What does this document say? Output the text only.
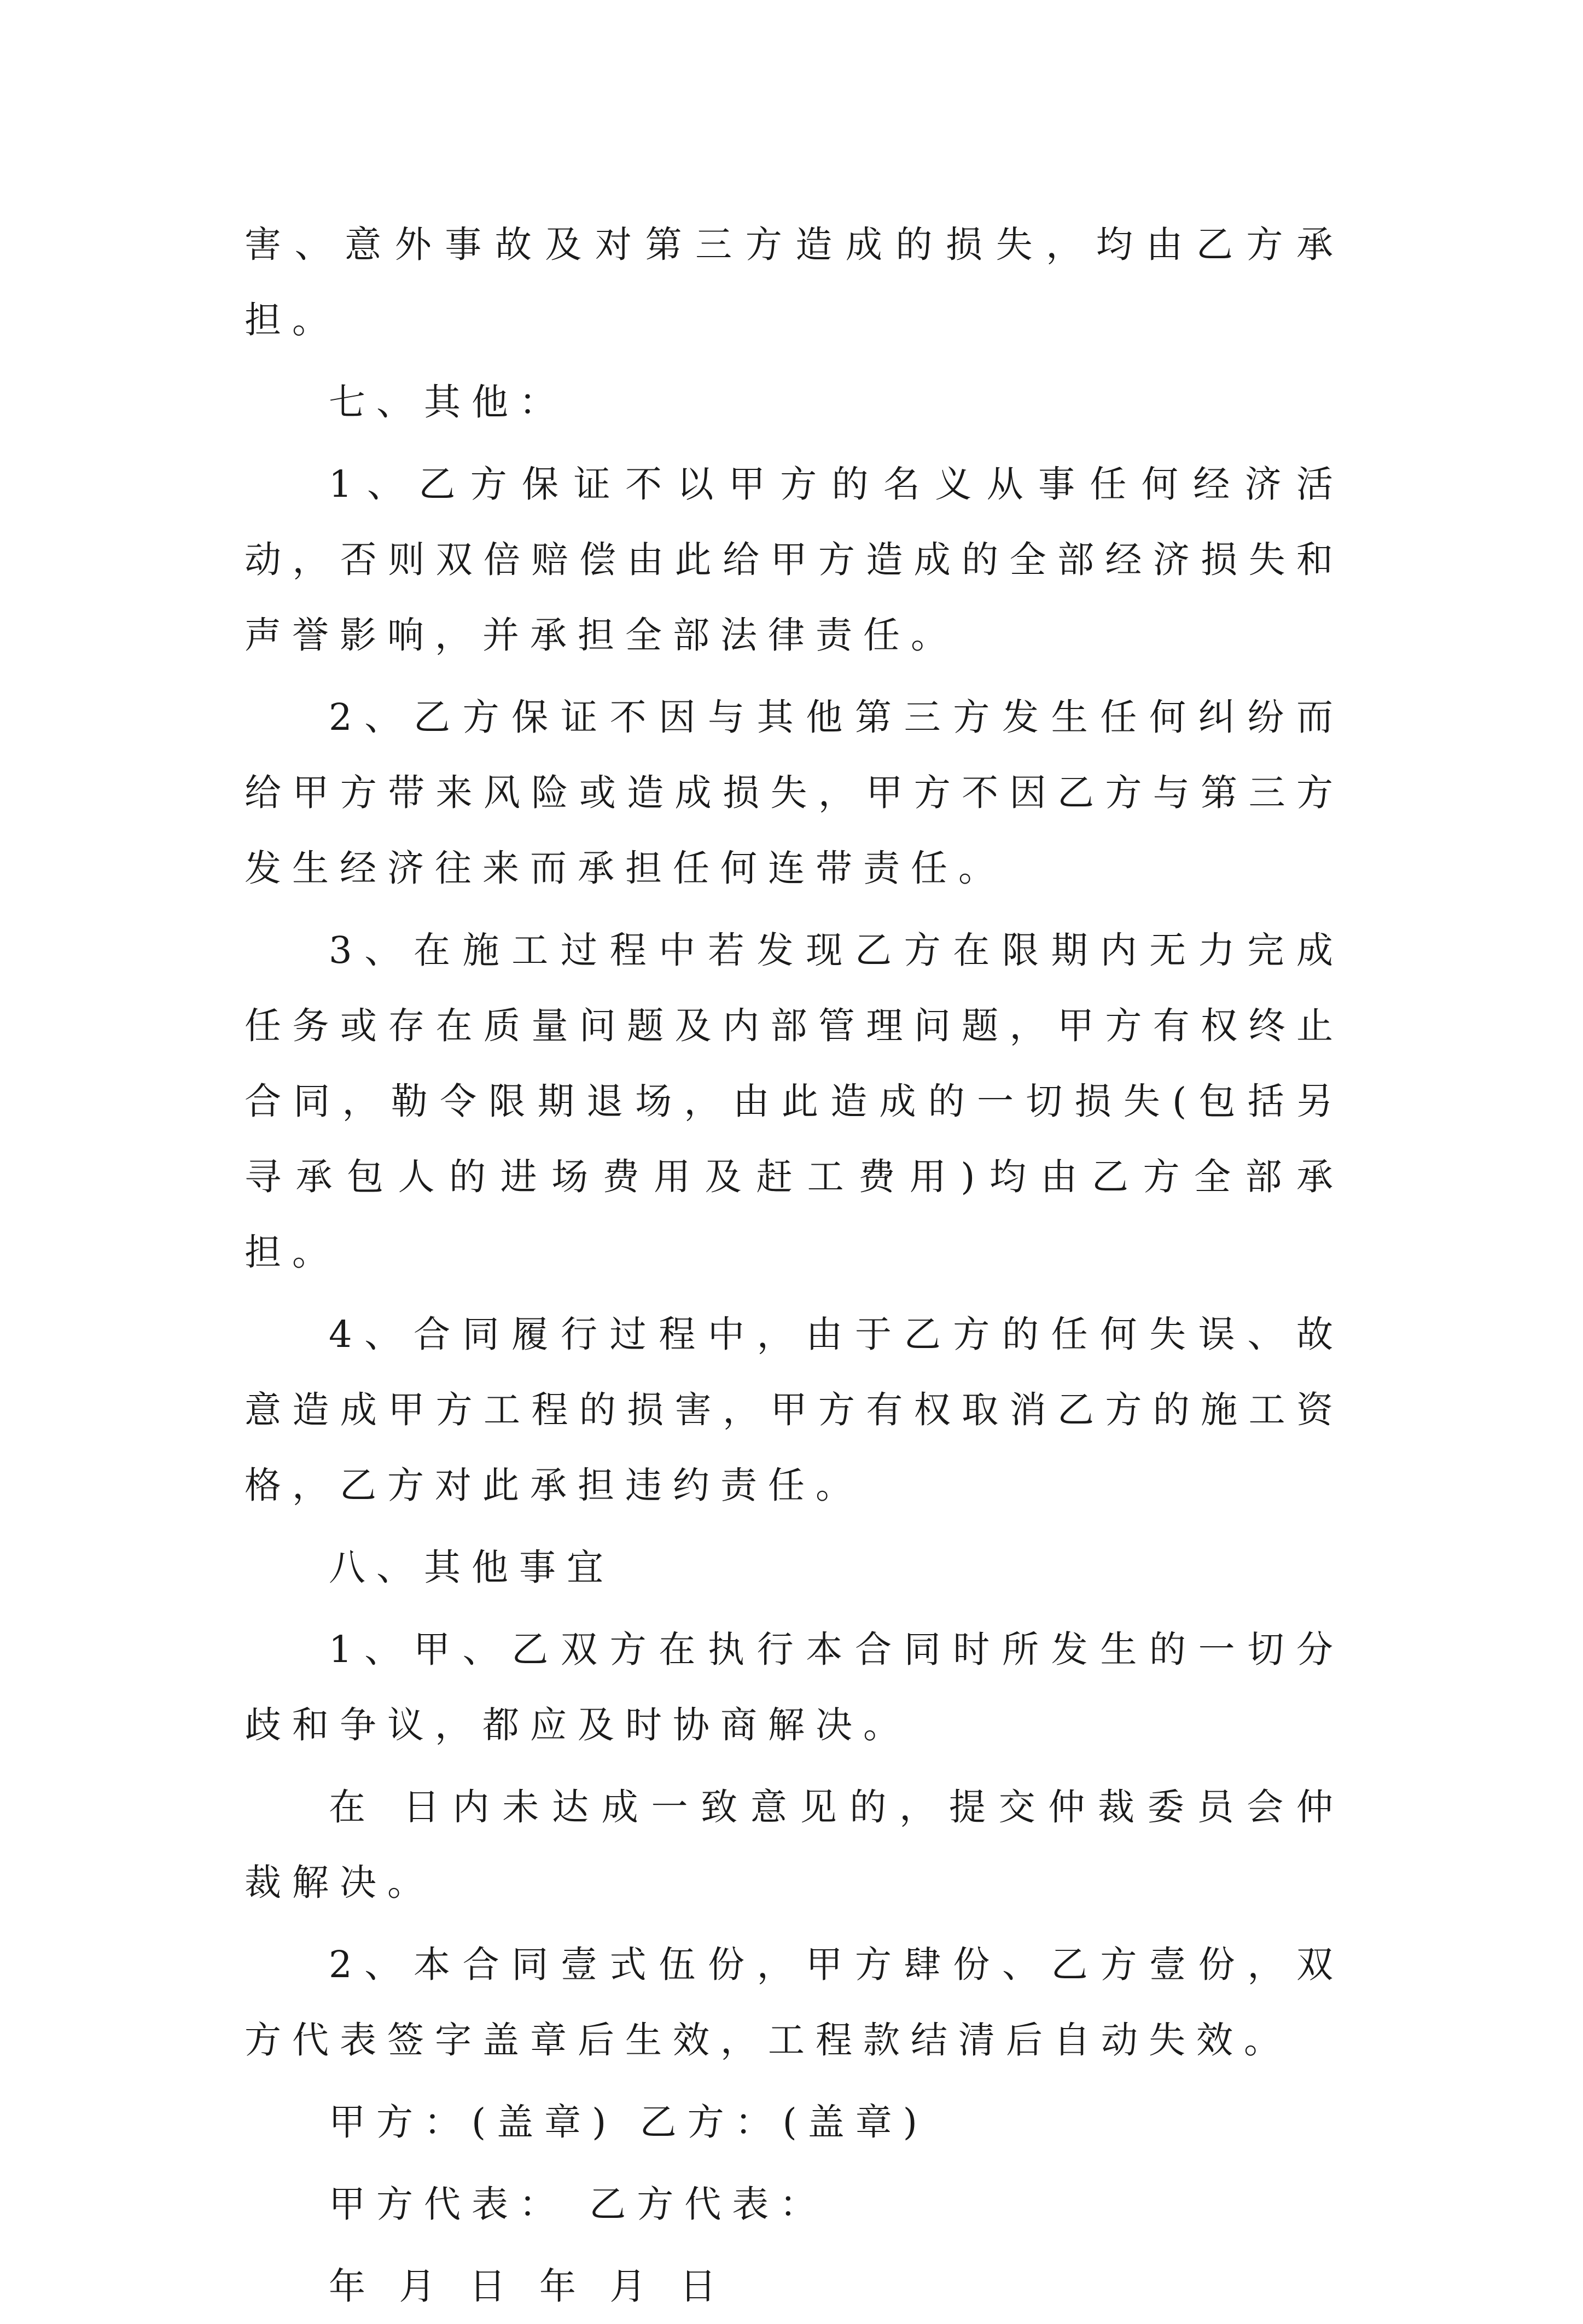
害、意外事故及对第三方造成的损失，均由乙方承担。

七、其他：

1、乙方保证不以甲方的名义从事任何经济活动，否则双倍赔偿由此给甲方造成的全部经济损失和声誉影响，并承担全部法律责任。

2、乙方保证不因与其他第三方发生任何纠纷而给甲方带来风险或造成损失，甲方不因乙方与第三方发生经济往来而承担任何连带责任。

3、在施工过程中若发现乙方在限期内无力完成任务或存在质量问题及内部管理问题，甲方有权终止合同，勒令限期退场，由此造成的一切损失(包括另寻承包人的进场费用及赶工费用)均由乙方全部承担。

4、合同履行过程中，由于乙方的任何失误、故意造成甲方工程的损害，甲方有权取消乙方的施工资格，乙方对此承担违约责任。

八、其他事宜

1、甲、乙双方在执行本合同时所发生的一切分歧和争议，都应及时协商解决。

在 日内未达成一致意见的，提交仲裁委员会仲裁解决。

2、本合同壹式伍份，甲方肆份、乙方壹份，双方代表签字盖章后生效，工程款结清后自动失效。

甲方：(盖章) 乙方：(盖章)

甲方代表： 乙方代表：

年 月 日 年 月 日
